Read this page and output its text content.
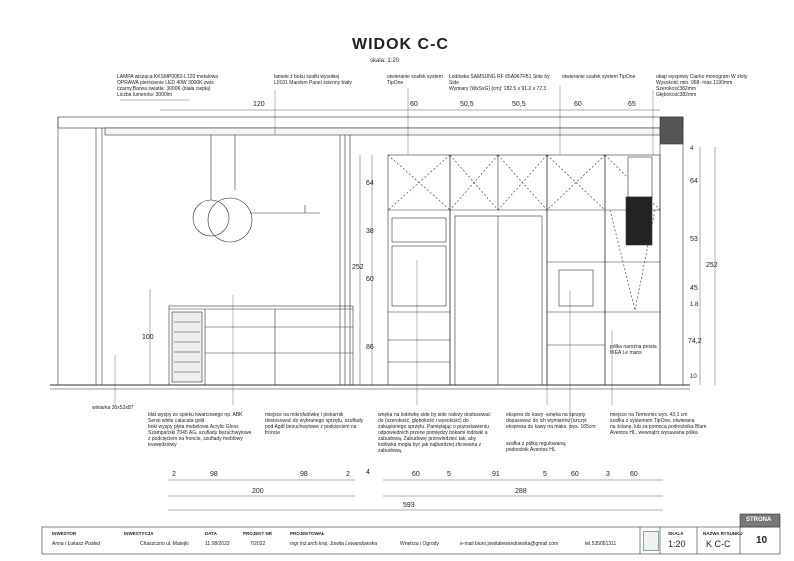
WIDOK C-C
skala: 1:20
LAMPA wisząca KKSMP0082-L120 metalowa
OPRAWA pierścienie LED 40W 3000K zwis
czarny,Barwa światła: 3000K (biała ciepła)
Liczba lumenów: 3000lm
lamele z boku szafki wysokiej
L0101 Mardom Panel ścienny biały
otwieranie szafek system TipOne
Lodówka SAMSUNG RF 65A967FB1 Side by
Side
Wymiary (WxSxG) [cm]: 182.5 x 91.2 x 72.3
otwieranie szafek system TipOne	okap wyspowy Ciarko monogram W złoty
Wysokość min. 958- max.1190mm
Szerokość382mm
Głębokość382mm
120	60	50,5	50,5	60	65
4
64
53
45
1.8
74,2
10
252
100
252
64
38
60
86	półka narożna prosta
IKEA Le mans
winiarka 30x52x87
blat wyspy ze spieku kwarcowego np. ABK
Sensi white calacata gold
boki wyspy płyta mebelowa Acrylic Gloss
Szampański 7045 AG, szuflady bezuchwytowe
z podcięciem na froncie, szuflady meblowy
krawędziowy
miejsce na mikrofalówkę i piekarnik
dostosować do wybranego sprzętu, szuflady
pod AgdI bezuchwytowe z podcięciem na
froncie
wnęka na lodówkę side by side należy dostosować
do (szerokość, głębokość i wysokość) do
zakupionego sprzętu. Pamiętając o pozostawieniu
odpowiednich przerw pomiędzy bokami lodówki a
zabudową. Zabudowę przewiedzieć tak, aby
lodówka mogła być jak najbardziej zlicowana z
zabudową.
ekspres do kawy -wnęka na sprzęty
dopasować do ich wymiarów (szczyt
ekspresu do kawy na maks. wys. 165cm
szafka z półką regulowaną,
podnośnik Aventos HL
miejsce na Termomix wys. 43,1 cm
szafka z systemem TipOne, otwierana
na ścianę, lub za pomocą podnośnika Blum
Aventos HL, wewnątrz wysuwana półka
2	98	98	2 4	60	5	91	5	60	3	60
200	288
593
INWESTOR
Anna i Łukasz Posłed
INWESTYCJA
Chaszczno ul. Matejki
DATA
11.08/2022
PROJEKT NR
7/2022
PROJEKTOWAŁ
mgr inż.arch.kraj. Jowita Lewandowska	Wnętrza i Ogrody	e-mail biuro.jowitalewandowska@gmail.com	tel.535051311
SKALA
1:20
NAZWA RYSUNKU
K C-C
STRONA
10
